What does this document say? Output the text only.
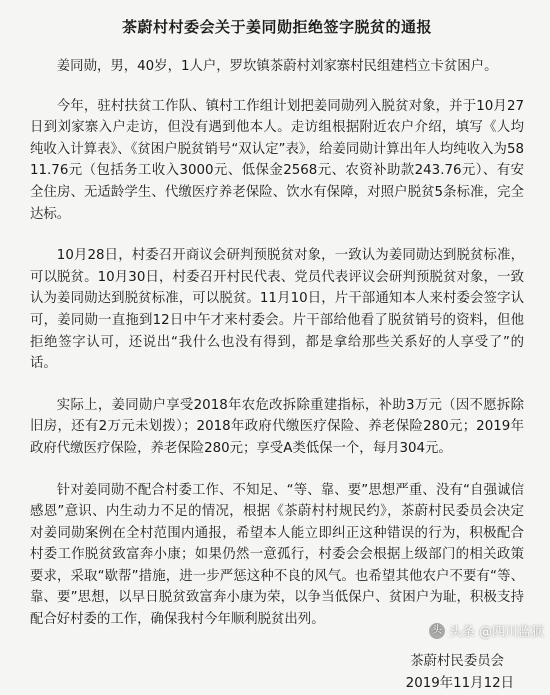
茶蔚村村委会关于姜同勋拒绝签字脱贫的通报

姜同勋，男，40岁，1人户，罗坎镇茶蔚村刘家寨村民组建档立卡贫困户。

今年，驻村扶贫工作队、镇村工作组计划把姜同勋列入脱贫对象，并于10月27日到刘家寨入户走访，但没有遇到他本人。走访组根据附近农户介绍，填写《人均纯收入计算表》、《贫困户脱贫销号“双认定”表》，给姜同勋计算出年人均纯收入为5811.76元（包括务工收入3000元、低保金2568元、农资补助款243.76元）、有安全住房、无适龄学生、代缴医疗养老保险、饮水有保障，对照户脱贫5条标准，完全达标。

10月28日，村委召开商议会研判预脱贫对象，一致认为姜同勋达到脱贫标准，可以脱贫。10月30日，村委召开村民代表、党员代表评议会研判预脱贫对象，一致认为姜同勋达到脱贫标准，可以脱贫。11月10日，片干部通知本人来村委会签字认可，姜同勋一直拖到12日中午才来村委会。片干部给他看了脱贫销号的资料，但他拒绝签字认可，还说出“我什么也没有得到，都是拿给那些关系好的人享受了”的话。

实际上，姜同勋户享受2018年农危改拆除重建指标，补助3万元（因不愿拆除旧房，还有2万元未划拨）；2018年政府代缴医疗保险、养老保险280元；2019年政府代缴医疗保险，养老保险280元；享受A类低保一个，每月304元。

针对姜同勋不配合村委工作、不知足、“等、靠、要”思想严重、没有“自强诚信 感恩”意识、内生动力不足的情况，根据《茶蔚村村规民约》，茶蔚村民委员会决定对姜同勋案例在全村范围内通报，希望本人能立即纠正这种错误的行为，积极配合村委工作脱贫致富奔小康；如果仍然一意孤行，村委会会根据上级部门的相关政策要求，采取“歇帮”措施，进一步严惩这种不良的风气。也希望其他农户不要有“等、靠、要”思想，以早日脱贫致富奔小康为荣，以争当低保户、贫困户为耻，积极支持配合好村委的工作，确保我村今年顺利脱贫出列。

茶蔚村民委员会

2019年11月12日

头 头条 @四川监狱
